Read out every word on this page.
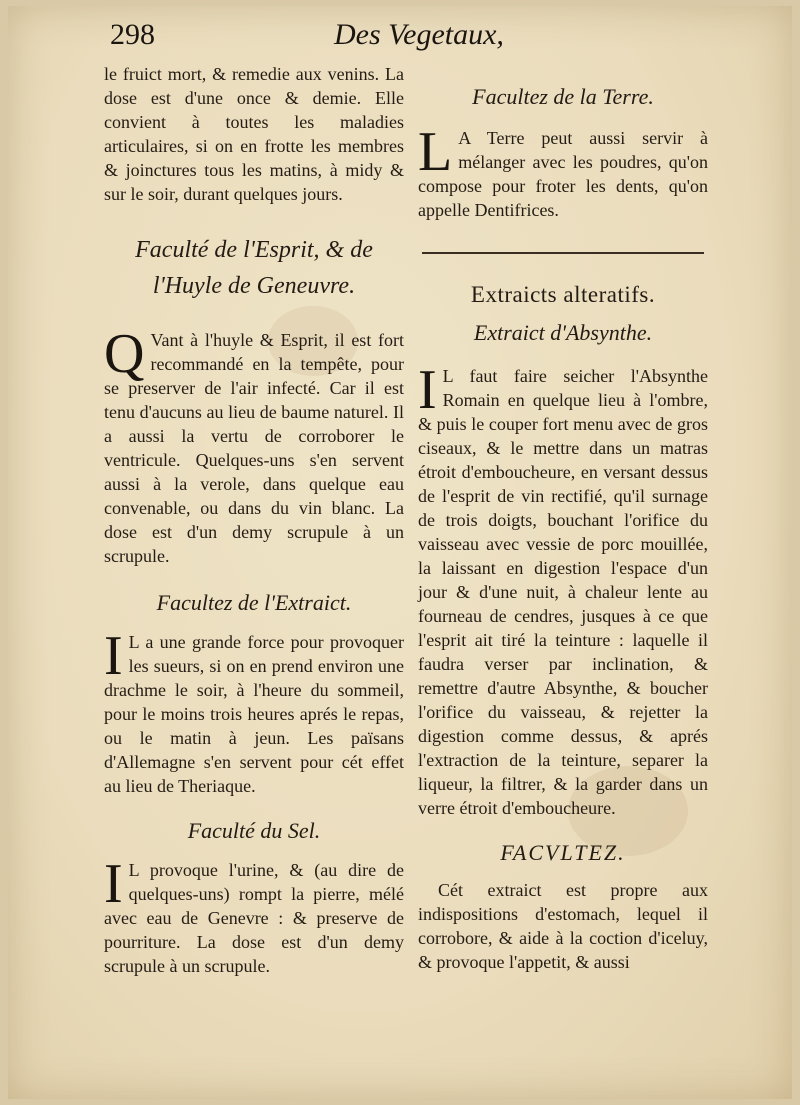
298	Des Vegetaux,

le fruict mort, & remedie aux venins. La dose est d'une once & demie. Elle convient à toutes les maladies articulaires, si on en frotte les membres & joinctures tous les matins, à midy & sur le soir, durant quelques jours.

Faculté de l'Esprit, & de
l'Huyle de Geneuvre.

Q Vant à l'huyle & Esprit, il est fort recommandé en la tempête, pour se preserver de l'air infecté. Car il est tenu d'aucuns au lieu de baume naturel. Il a aussi la vertu de corroborer le ventricule. Quelques-uns s'en servent aussi à la verole, dans quelque eau convenable, ou dans du vin blanc. La dose est d'un demy scrupule à un scrupule.

Facultez de l'Extraict.

I L a une grande force pour provoquer les sueurs, si on en prend environ une drachme le soir, à l'heure du sommeil, pour le moins trois heures aprés le repas, ou le matin à jeun. Les païsans d'Allemagne s'en servent pour cét effet au lieu de Theriaque.

Faculté du Sel.

I L provoque l'urine, & (au dire de quelques-uns) rompt la pierre, mélé avec eau de Genevre : & preserve de pourriture. La dose est d'un demy scrupule à un scrupule.

Facultez de la Terre.

L A Terre peut aussi servir à mélanger avec les poudres, qu'on compose pour froter les dents, qu'on appelle Dentifrices.

Extraicts alteratifs.
Extraict d'Absynthe.

I L faut faire seicher l'Absynthe Romain en quelque lieu à l'ombre, & puis le couper fort menu avec de gros ciseaux, & le mettre dans un matras étroit d'embouchеure, en versant dessus de l'esprit de vin rectifié, qu'il surnage de trois doigts, bouchant l'orifice du vaisseau avec vessie de porc mouillée, la laissant en digestion l'espace d'un jour & d'une nuit, à chaleur lente au fourneau de cendres, jusques à ce que l'esprit ait tiré la teinture : laquelle il faudra verser par inclination, & remettre d'autre Absynthe, & boucher l'orifice du vaisseau, & rejetter la digestion comme dessus, & aprés l'extraction de la teinture, separer la liqueur, la filtrer, & la garder dans un verre étroit d'embouchеure.

FACVLTEZ.

Cét extraict est propre aux indispositions d'estomach, lequel il corrobore, & aide à la coction d'iceluy, & provoque l'appetit, & aussi
